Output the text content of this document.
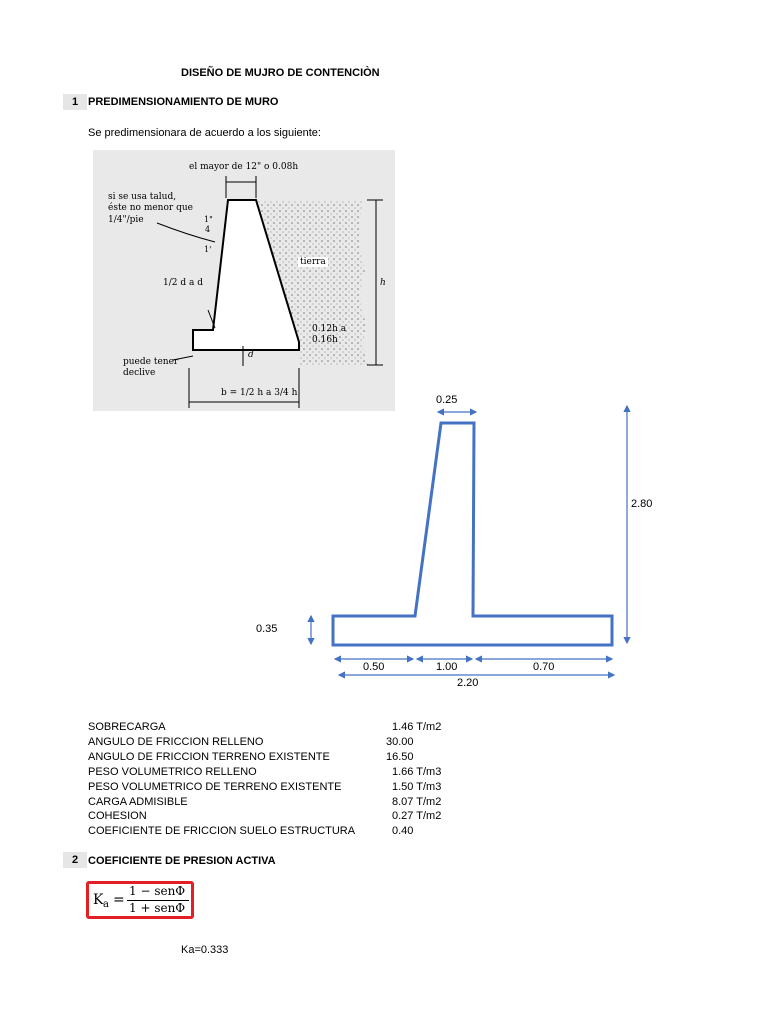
DISEÑO DE MUJRO DE CONTENCIÒN
1 PREDIMENSIONAMIENTO DE MURO
Se predimensionara de acuerdo a los siguiente:
el mayor de 12" o 0.08h
si se usa talud,
éste no menor que
1/4"/pie	1"
4
1'
1/2 d a d
tierra
h
0.12h a
0.16h
puede tener
declive
d
b = 1/2 h a 3/4 h
0.25
2.80
0.35
0.50	1.00	0.70
2.20
SOBRECARGA	1.46 T/m2
ANGULO DE FRICCION RELLENO	30.00
ANGULO DE FRICCION TERRENO EXISTENTE	16.50
PESO VOLUMETRICO RELLENO	1.66 T/m3
PESO VOLUMETRICO DE TERRENO EXISTENTE	1.50 T/m3
CARGA ADMISIBLE	8.07 T/m2
COHESION	0.27 T/m2
COEFICIENTE DE FRICCION SUELO ESTRUCTURA	0.40
2 COEFICIENTE DE PRESION ACTIVA
K a =
1 − senΦ
1 + senΦ
Ka=0.333
